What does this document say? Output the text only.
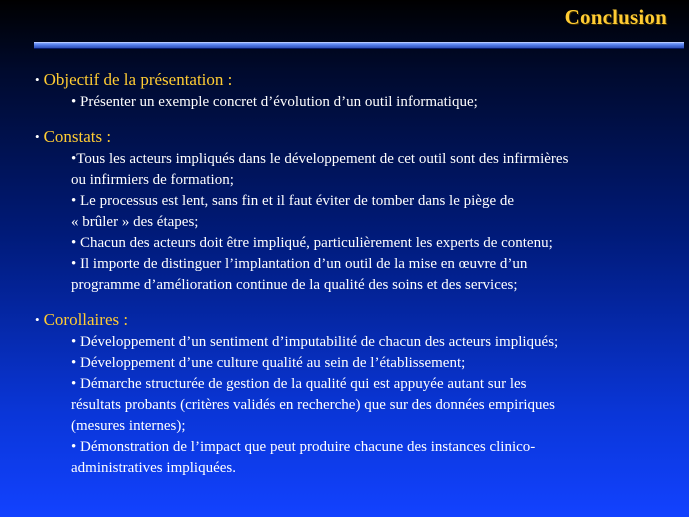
Conclusion
• Objectif de la présentation :
• Présenter un exemple concret d’évolution d’un outil informatique;
• Constats :
•Tous les acteurs impliqués dans le développement de cet outil sont des infirmières
ou infirmiers de formation;
• Le processus est lent, sans fin et il faut éviter de tomber dans le piège de
« brûler » des étapes;
• Chacun des acteurs doit être impliqué, particulièrement les experts de contenu;
• Il importe de distinguer l’implantation d’un outil de la mise en œuvre d’un
programme d’amélioration continue de la qualité des soins et des services;
• Corollaires :
• Développement d’un sentiment d’imputabilité de chacun des acteurs impliqués;
• Développement d’une culture qualité au sein de l’établissement;
• Démarche structurée de gestion de la qualité qui est appuyée autant sur les
résultats probants (critères validés en recherche) que sur des données empiriques
(mesures internes);
• Démonstration de l’impact que peut produire chacune des instances clinico-
administratives impliquées.
